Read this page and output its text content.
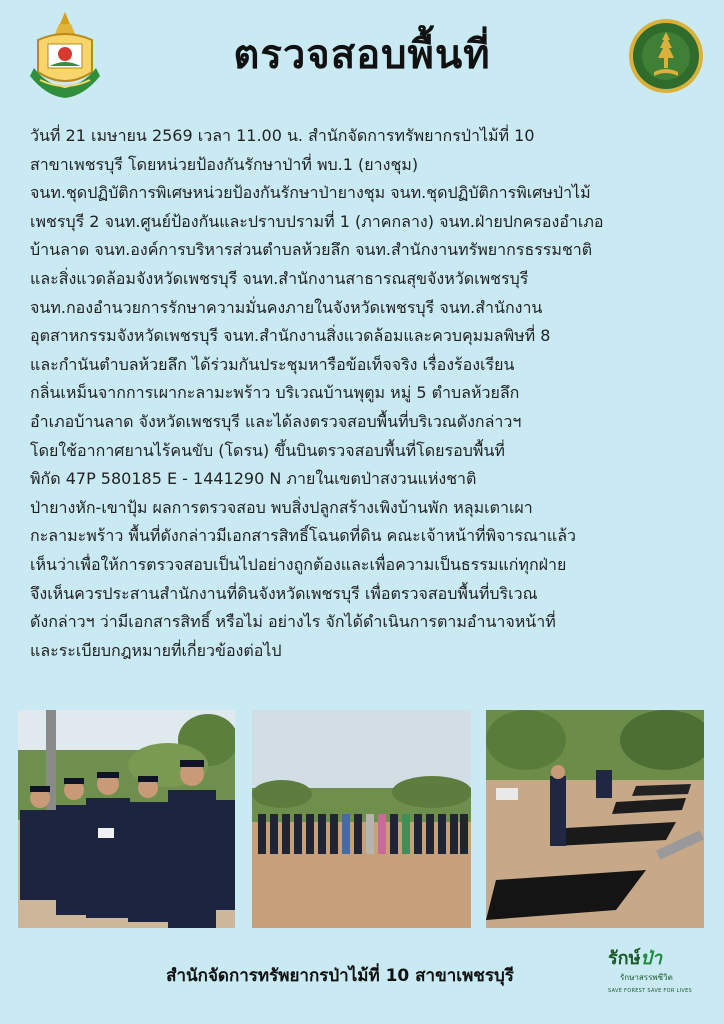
ตรวจสอบพื้นที่
วันที่ 21 เมษายน 2569 เวลา 11.00 น. สำนักจัดการทรัพยากรป่าไม้ที่ 10
สาขาเพชรบุรี โดยหน่วยป้องกันรักษาป่าที่ พบ.1 (ยางชุม)
จนท.ชุดปฏิบัติการพิเศษหน่วยป้องกันรักษาป่ายางชุม จนท.ชุดปฏิบัติการพิเศษป่าไม้
เพชรบุรี 2 จนท.ศูนย์ป้องกันและปราบปรามที่ 1 (ภาคกลาง) จนท.ฝ่ายปกครองอำเภอ
บ้านลาด จนท.องค์การบริหารส่วนตำบลห้วยลึก จนท.สำนักงานทรัพยากรธรรมชาติ
และสิ่งแวดล้อมจังหวัดเพชรบุรี จนท.สำนักงานสาธารณสุขจังหวัดเพชรบุรี
จนท.กองอำนวยการรักษาความมั่นคงภายในจังหวัดเพชรบุรี จนท.สำนักงาน
อุตสาหกรรมจังหวัดเพชรบุรี จนท.สำนักงานสิ่งแวดล้อมและควบคุมมลพิษที่ 8
และกำนันตำบลห้วยลึก ได้ร่วมกันประชุมหารือข้อเท็จจริง เรื่องร้องเรียน
กลิ่นเหม็นจากการเผากะลามะพร้าว บริเวณบ้านพุตูม หมู่ 5 ตำบลห้วยลึก
อำเภอบ้านลาด จังหวัดเพชรบุรี และได้ลงตรวจสอบพื้นที่บริเวณดังกล่าวฯ
โดยใช้อากาศยานไร้คนขับ (โดรน) ขึ้นบินตรวจสอบพื้นที่โดยรอบพื้นที่
พิกัด 47P 580185 E - 1441290 N ภายในเขตป่าสงวนแห่งชาติ
ป่ายางหัก-เขาปุ้ม ผลการตรวจสอบ พบสิ่งปลูกสร้างเพิงบ้านพัก หลุมเตาเผา
กะลามะพร้าว พื้นที่ดังกล่าวมีเอกสารสิทธิ์โฉนดที่ดิน คณะเจ้าหน้าที่พิจารณาแล้ว
เห็นว่าเพื่อให้การตรวจสอบเป็นไปอย่างถูกต้องและเพื่อความเป็นธรรมแก่ทุกฝ่าย
จึงเห็นควรประสานสำนักงานที่ดินจังหวัดเพชรบุรี เพื่อตรวจสอบพื้นที่บริเวณ
ดังกล่าวฯ ว่ามีเอกสารสิทธิ์ หรือไม่ อย่างไร จักได้ดำเนินการตามอำนาจหน้าที่
และระเบียบกฎหมายที่เกี่ยวข้องต่อไป
สำนักจัดการทรัพยากรป่าไม้ที่ 10 สาขาเพชรบุรี
รักษ์ป่า
รักษาสรรพชีวิต
SAVE FOREST SAVE FOR LIVES
